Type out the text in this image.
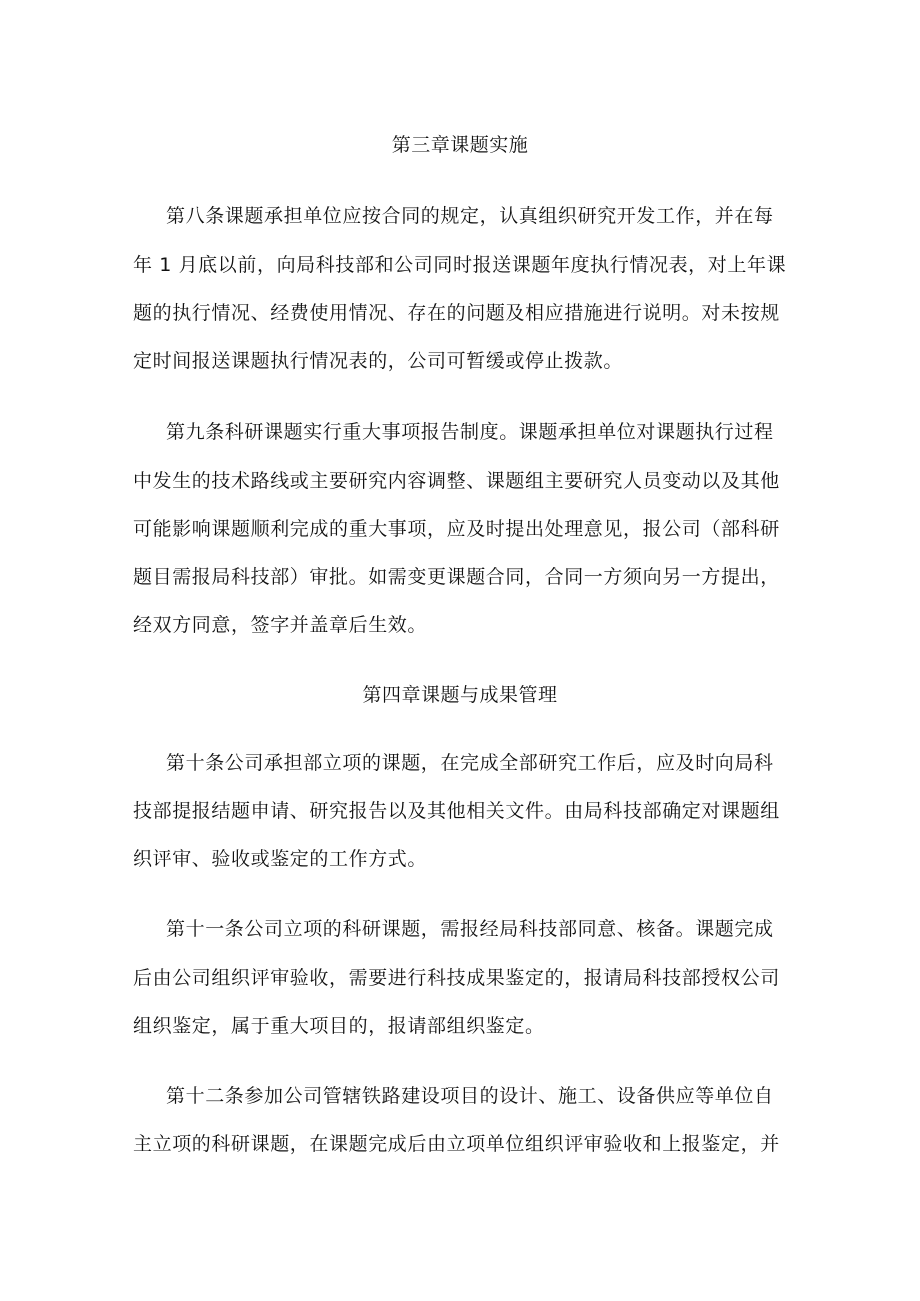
第三章课题实施
第八条课题承担单位应按合同的规定，认真组织研究开发工作，并在每
年 1 月底以前，向局科技部和公司同时报送课题年度执行情况表，对上年课
题的执行情况、经费使用情况、存在的问题及相应措施进行说明。对未按规
定时间报送课题执行情况表的，公司可暂缓或停止拨款。
第九条科研课题实行重大事项报告制度。课题承担单位对课题执行过程
中发生的技术路线或主要研究内容调整、课题组主要研究人员变动以及其他
可能影响课题顺利完成的重大事项，应及时提出处理意见，报公司（部科研
题目需报局科技部）审批。如需变更课题合同，合同一方须向另一方提出，
经双方同意，签字并盖章后生效。
第四章课题与成果管理
第十条公司承担部立项的课题，在完成全部研究工作后，应及时向局科
技部提报结题申请、研究报告以及其他相关文件。由局科技部确定对课题组
织评审、验收或鉴定的工作方式。
第十一条公司立项的科研课题，需报经局科技部同意、核备。课题完成
后由公司组织评审验收，需要进行科技成果鉴定的，报请局科技部授权公司
组织鉴定，属于重大项目的，报请部组织鉴定。
第十二条参加公司管辖铁路建设项目的设计、施工、设备供应等单位自
主立项的科研课题，在课题完成后由立项单位组织评审验收和上报鉴定，并
